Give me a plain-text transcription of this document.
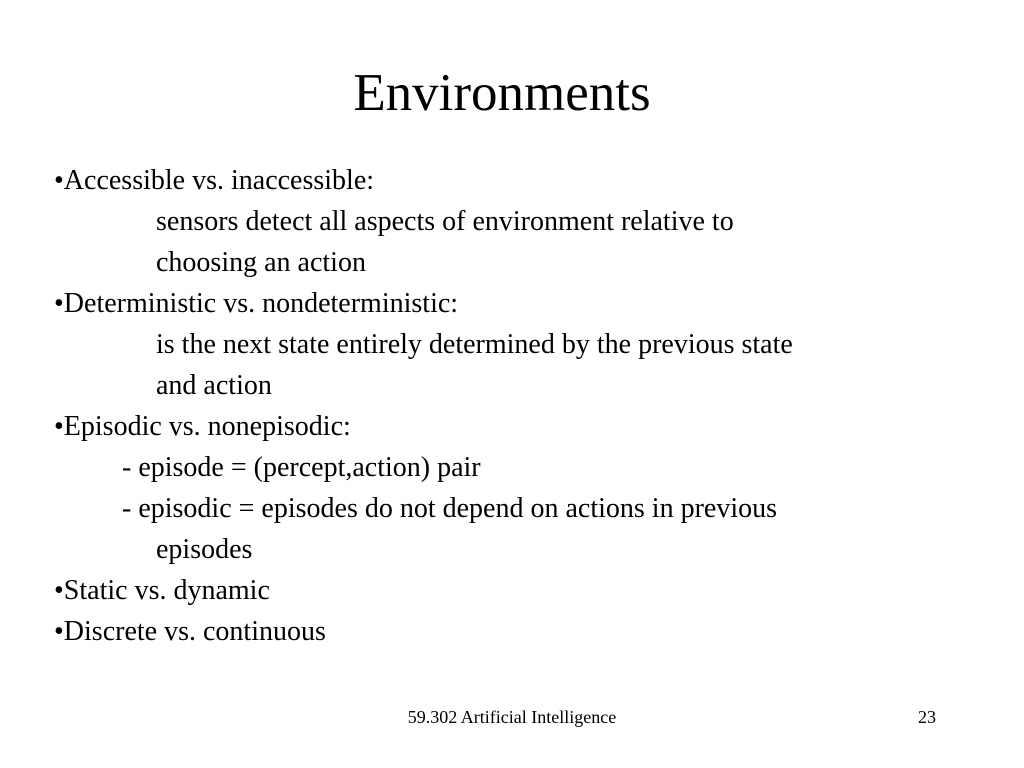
Environments
•Accessible vs. inaccessible:
sensors detect all aspects of environment relative to
choosing an action
•Deterministic vs. nondeterministic:
is the next state entirely determined by the previous state
and action
•Episodic vs. nonepisodic:
- episode = (percept,action) pair
- episodic = episodes do not depend on actions in previous
episodes
•Static vs. dynamic
•Discrete vs. continuous
59.302 Artificial Intelligence	23
